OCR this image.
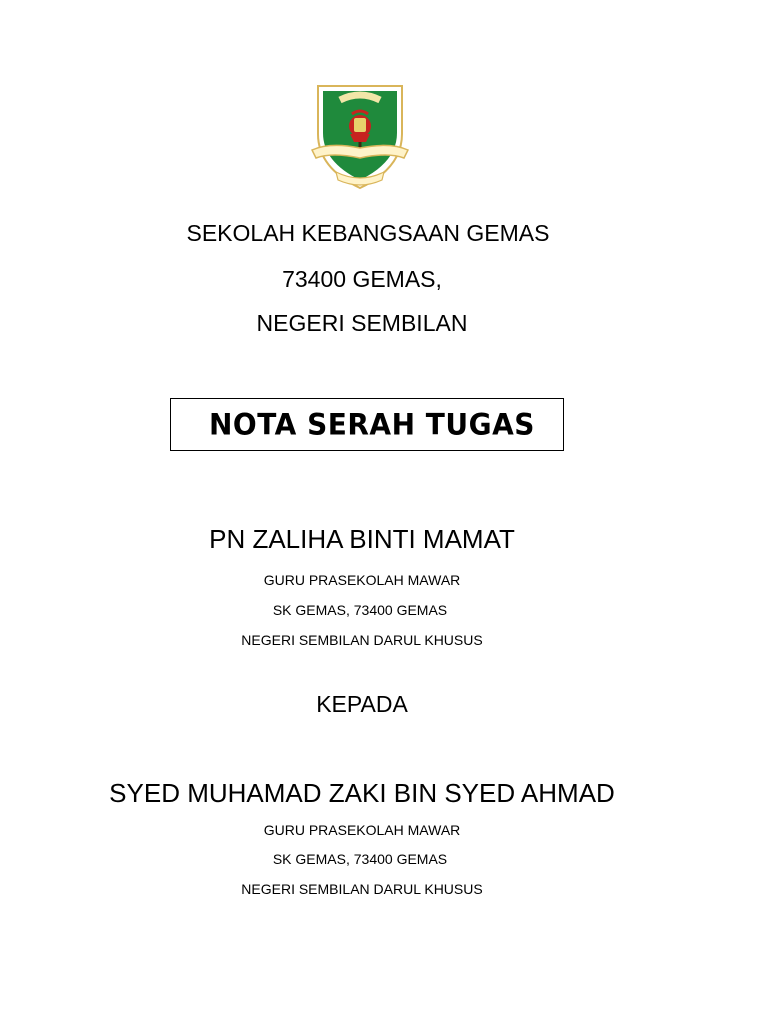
SEKOLAH KEBANGSAAN GEMAS
73400 GEMAS,
NEGERI SEMBILAN
NOTA SERAH TUGAS
PN ZALIHA BINTI MAMAT
GURU PRASEKOLAH MAWAR
SK GEMAS, 73400 GEMAS
NEGERI SEMBILAN DARUL KHUSUS
KEPADA
SYED MUHAMAD ZAKI BIN SYED AHMAD
GURU PRASEKOLAH MAWAR
SK GEMAS, 73400 GEMAS
NEGERI SEMBILAN DARUL KHUSUS
